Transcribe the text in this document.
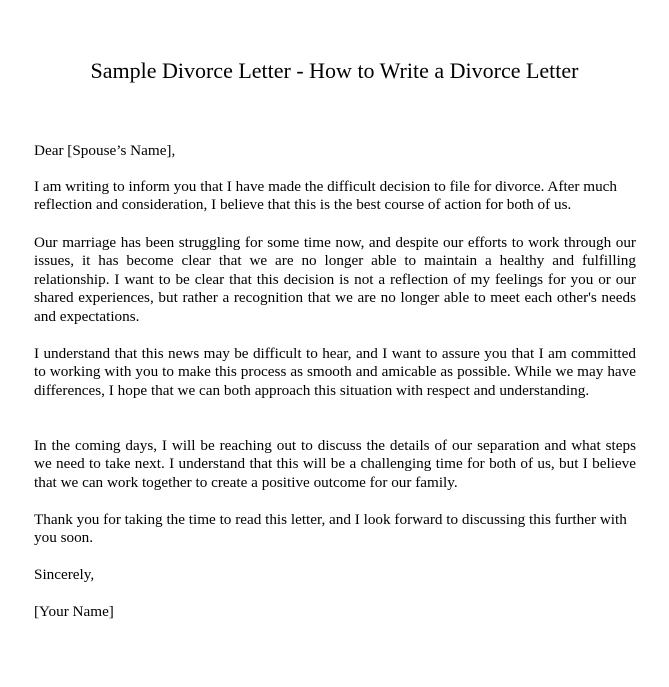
Sample Divorce Letter - How to Write a Divorce Letter

Dear [Spouse’s Name],

I am writing to inform you that I have made the difficult decision to file for divorce. After much reflection and consideration, I believe that this is the best course of action for both of us.

Our marriage has been struggling for some time now, and despite our efforts to work through our issues, it has become clear that we are no longer able to maintain a healthy and fulfilling relationship. I want to be clear that this decision is not a reflection of my feelings for you or our shared experiences, but rather a recognition that we are no longer able to meet each other's needs and expectations.

I understand that this news may be difficult to hear, and I want to assure you that I am committed to working with you to make this process as smooth and amicable as possible. While we may have differences, I hope that we can both approach this situation with respect and understanding.

In the coming days, I will be reaching out to discuss the details of our separation and what steps we need to take next. I understand that this will be a challenging time for both of us, but I believe that we can work together to create a positive outcome for our family.

Thank you for taking the time to read this letter, and I look forward to discussing this further with you soon.

Sincerely,

[Your Name]
